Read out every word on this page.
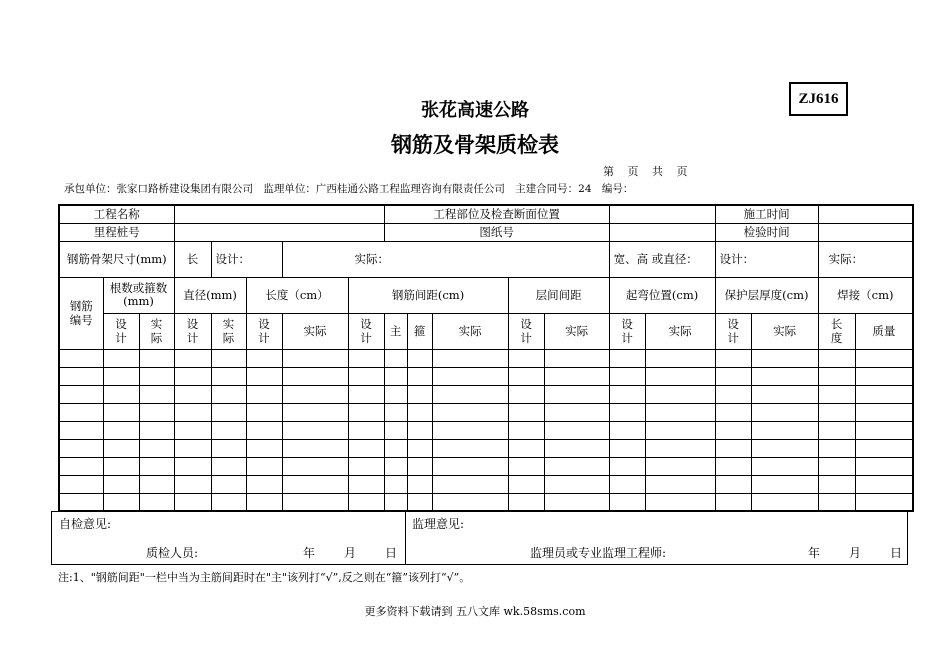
ZJ616
张花高速公路
钢筋及骨架质检表
第 页 共 页
承包单位：张家口路桥建设集团有限公司 监理单位：广西桂通公路工程监理咨询有限责任公司 主建合同号：24 编号：
工程名称								工程部位及检查断面位置							施工时间			
里程桩号								图纸号							检验时间			
钢筋骨架尺寸(mm)			长	设计：		实际：							宽、高 或直径：		设计：		实际：	
钢筋编号	根数或箍数(mm)		直径(mm)		长度（cm）		钢筋间距(cm)				层间间距		起弯位置(cm)		保护层厚度(cm)		焊接（cm)	
	设计	实际	设计	实际	设计	实际	设计	主	箍	实际	设计	实际	设计	实际	设计	实际	长度	质量

自检意见:
质检人员:	年 月 日
监理意见:
监理员或专业监理工程师:	年 月 日
注:1、"钢筋间距"一栏中当为主筋间距时在"主"该列打“√”,反之则在“箍”该列打“√”。
更多资料下载请到 五八文库 wk.58sms.com
